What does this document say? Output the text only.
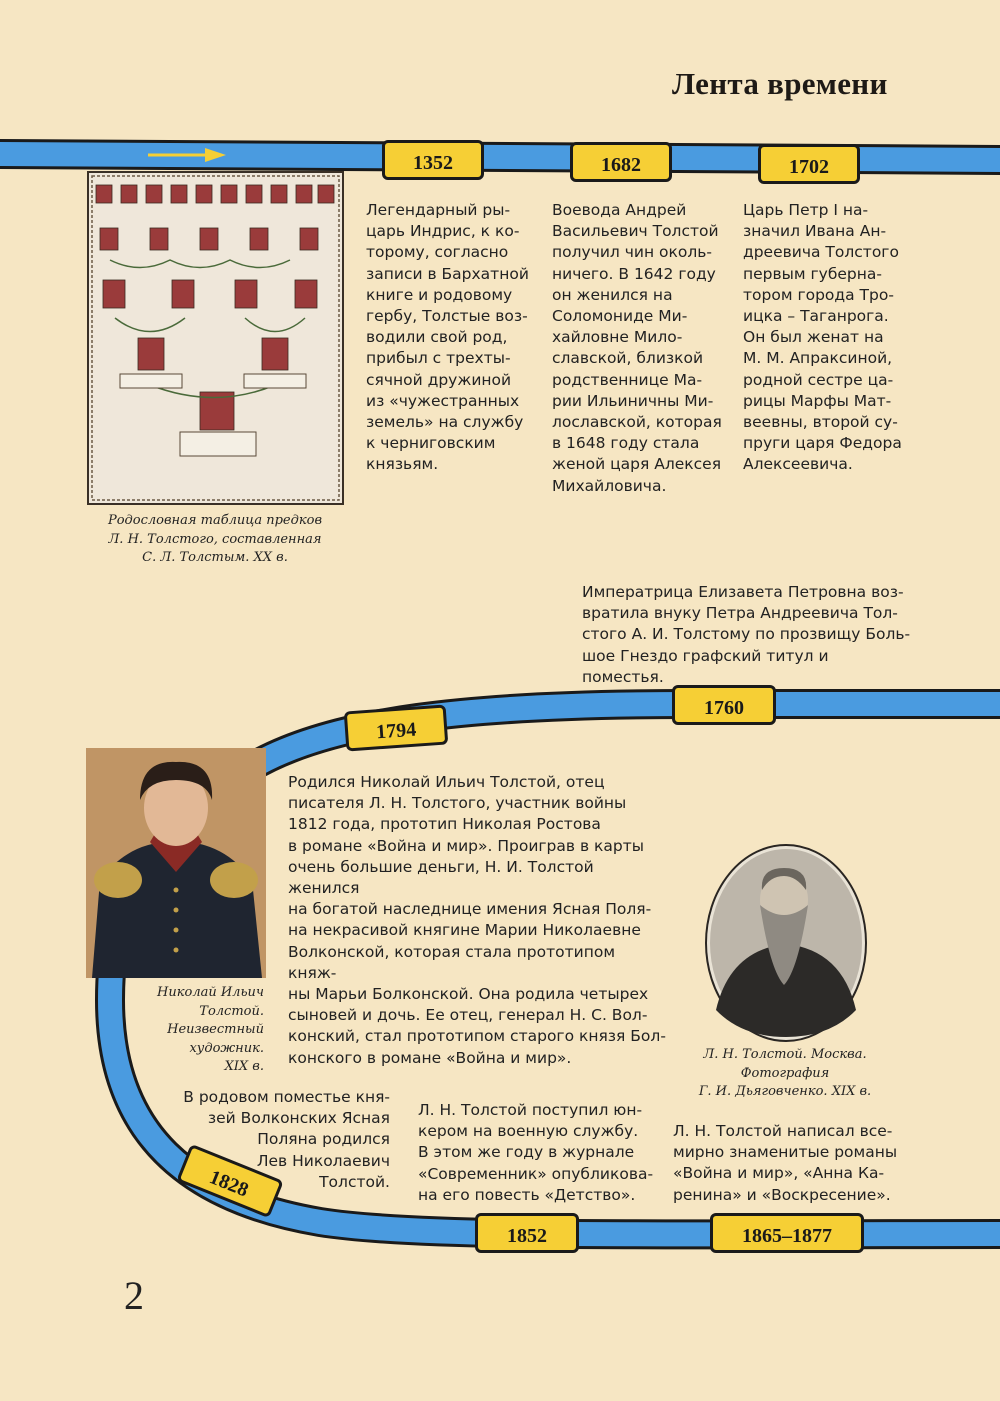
Лента времени
1352	1682	1702
1760
1794
1828
1852	1865–1877
Легендарный ры-
царь Индрис, к ко-
торому, согласно
записи в Бархатной
книге и родовому
гербу, Толстые воз-
водили свой род,
прибыл с трехты-
сячной дружиной
из «чужестранных
земель» на службу
к черниговским
князьям.
Воевода Андрей
Васильевич Толстой
получил чин околь-
ничего. В 1642 году
он женился на
Соломониде Ми-
хайловне Мило-
славской, близкой
родственнице Ма-
рии Ильиничны Ми-
лославской, которая
в 1648 году стала
женой царя Алексея
Михайловича.
Царь Петр I на-
значил Ивана Ан-
дреевича Толстого
первым губерна-
тором города Тро-
ицка – Таганрога.
Он был женат на
М. М. Апраксиной,
родной сестре ца-
рицы Марфы Мат-
веевны, второй су-
пруги царя Федора
Алексеевича.
Императрица Елизавета Петровна воз-
вратила внуку Петра Андреевича Тол-
стого А. И. Толстому по прозвищу Боль-
шое Гнездо графский титул и поместья.
Родился Николай Ильич Толстой, отец
писателя Л. Н. Толстого, участник войны
1812 года, прототип Николая Ростова
в романе «Война и мир». Проиграв в карты
очень большие деньги, Н. И. Толстой женился
на богатой наследнице имения Ясная Поля-
на некрасивой княгине Марии Николаевне
Волконской, которая стала прототипом княж-
ны Марьи Болконской. Она родила четырех
сыновей и дочь. Ее отец, генерал Н. С. Вол-
конский, стал прототипом старого князя Бол-
конского в романе «Война и мир».
В родовом поместье кня-
зей Волконских Ясная
Поляна родился
Лев Николаевич
Толстой.
Л. Н. Толстой поступил юн-
кером на военную службу.
В этом же году в журнале
«Современник» опубликова-
на его повесть «Детство».
Л. Н. Толстой написал все-
мирно знаменитые романы
«Война и мир», «Анна Ка-
ренина» и «Воскресение».
Родословная таблица предков
Л. Н. Толстого, составленная
С. Л. Толстым. XX в.
Николай Ильич
Толстой.
Неизвестный
художник.
XIX в.
Л. Н. Толстой. Москва.
Фотография
Г. И. Дьяговченко. XIX в.
2
